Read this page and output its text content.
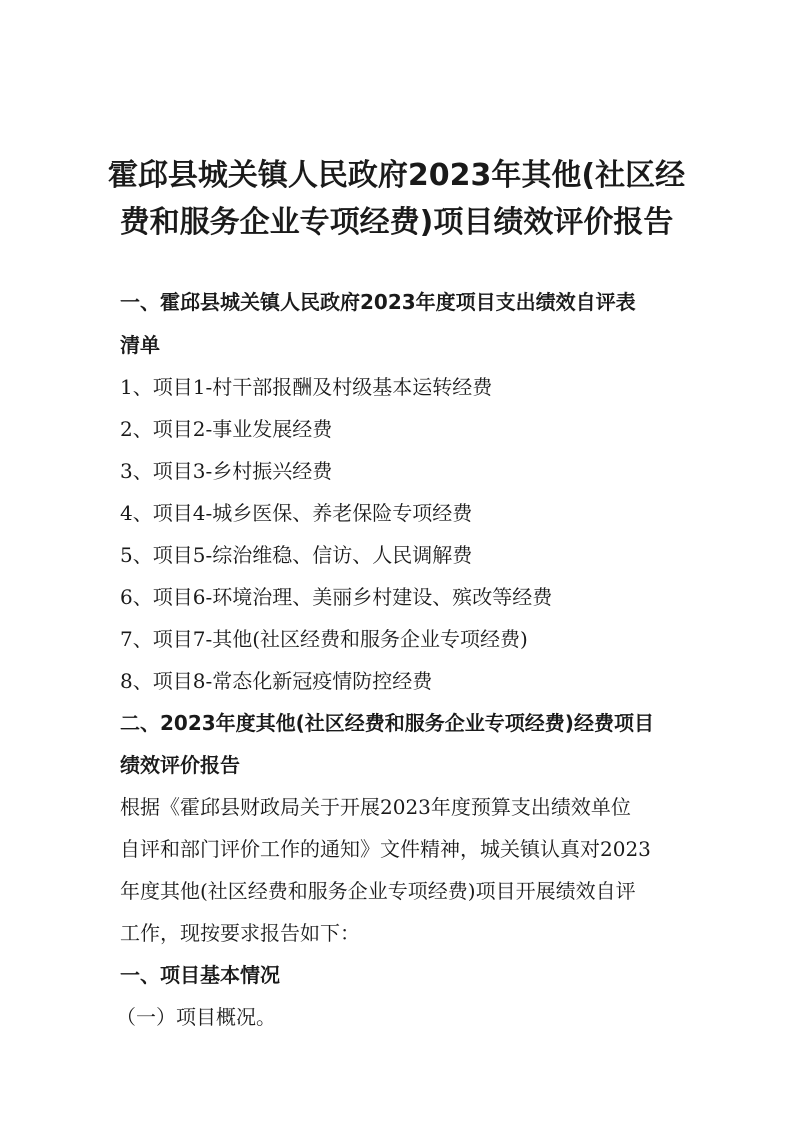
霍邱县城关镇人民政府2023年其他(社区经
费和服务企业专项经费)项目绩效评价报告
一、霍邱县城关镇人民政府2023年度项目支出绩效自评表
清单
1、项目1-村干部报酬及村级基本运转经费
2、项目2-事业发展经费
3、项目3-乡村振兴经费
4、项目4-城乡医保、养老保险专项经费
5、项目5-综治维稳、信访、人民调解费
6、项目6-环境治理、美丽乡村建设、殡改等经费
7、项目7-其他(社区经费和服务企业专项经费)
8、项目8-常态化新冠疫情防控经费
二、2023年度其他(社区经费和服务企业专项经费)经费项目
绩效评价报告
根据《霍邱县财政局关于开展2023年度预算支出绩效单位
自评和部门评价工作的通知》文件精神，城关镇认真对2023
年度其他(社区经费和服务企业专项经费)项目开展绩效自评
工作，现按要求报告如下：
一、项目基本情况
（一）项目概况。
